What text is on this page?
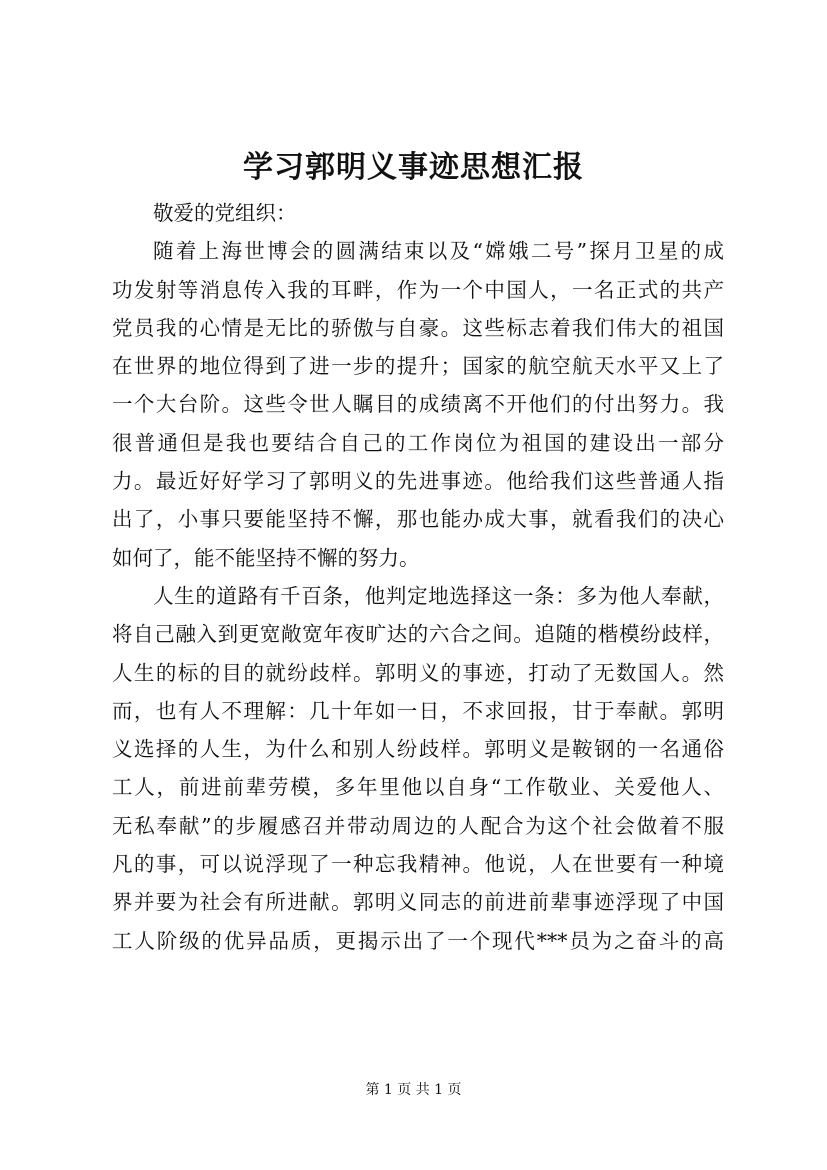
学习郭明义事迹思想汇报
敬爱的党组织：
随着上海世博会的圆满结束以及“嫦娥二号”探月卫星的成
功发射等消息传入我的耳畔，作为一个中国人，一名正式的共产
党员我的心情是无比的骄傲与自豪。这些标志着我们伟大的祖国
在世界的地位得到了进一步的提升；国家的航空航天水平又上了
一个大台阶。这些令世人瞩目的成绩离不开他们的付出努力。我
很普通但是我也要结合自己的工作岗位为祖国的建设出一部分
力。最近好好学习了郭明义的先进事迹。他给我们这些普通人指
出了，小事只要能坚持不懈，那也能办成大事，就看我们的决心
如何了，能不能坚持不懈的努力。
人生的道路有千百条，他判定地选择这一条：多为他人奉献，
将自己融入到更宽敞宽年夜旷达的六合之间。追随的楷模纷歧样，
人生的标的目的就纷歧样。郭明义的事迹，打动了无数国人。然
而，也有人不理解：几十年如一日，不求回报，甘于奉献。郭明
义选择的人生，为什么和别人纷歧样。郭明义是鞍钢的一名通俗
工人，前进前辈劳模，多年里他以自身“工作敬业、关爱他人、
无私奉献”的步履感召并带动周边的人配合为这个社会做着不服
凡的事，可以说浮现了一种忘我精神。他说，人在世要有一种境
界并要为社会有所进献。郭明义同志的前进前辈事迹浮现了中国
工人阶级的优异品质，更揭示出了一个现代***员为之奋斗的高
第 1 页 共 1 页
